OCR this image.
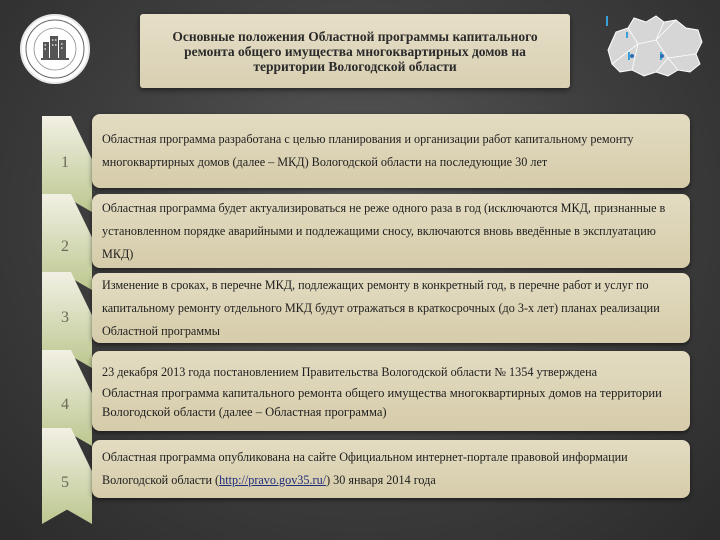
Основные положения Областной программы капитального ремонта общего имущества многоквартирных домов на территории Вологодской области
1
2
3
4
5
Областная программа разработана с целью планирования и организации работ капитальному ремонту многоквартирных домов (далее – МКД) Вологодской области на последующие 30 лет
Областная программа будет актуализироваться не реже одного раза в год (исключаются МКД, признанные в установленном порядке аварийными и подлежащими сносу, включаются вновь введённые в эксплуатацию МКД)
Изменение в сроках, в перечне МКД, подлежащих ремонту в конкретный год, в перечне работ и услуг по капитальному ремонту отдельного МКД будут отражаться в краткосрочных (до 3-х лет) планах реализации Областной программы
23 декабря 2013 года постановлением Правительства Вологодской области № 1354 утверждена
Областная программа капитального ремонта общего имущества многоквартирных домов на территории Вологодской области (далее – Областная программа)
Областная программа опубликована на сайте Официальном интернет-портале правовой информации Вологодской области (http://pravo.gov35.ru/) 30 января 2014 года
